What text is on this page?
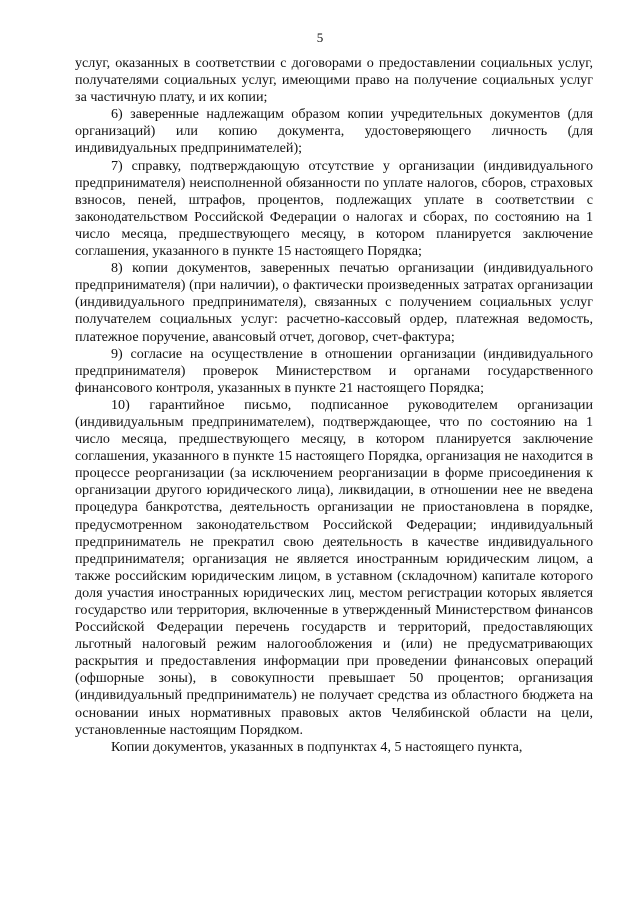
5

услуг, оказанных в соответствии с договорами о предоставлении социальных услуг, получателями социальных услуг, имеющими право на получение социальных услуг за частичную плату, и их копии;

6) заверенные надлежащим образом копии учредительных документов (для организаций) или копию документа, удостоверяющего личность (для индивидуальных предпринимателей);

7) справку, подтверждающую отсутствие у организации (индивидуального предпринимателя) неисполненной обязанности по уплате налогов, сборов, страховых взносов, пеней, штрафов, процентов, подлежащих уплате в соответствии с законодательством Российской Федерации о налогах и сборах, по состоянию на 1 число месяца, предшествующего месяцу, в котором планируется заключение соглашения, указанного в пункте 15 настоящего Порядка;

8) копии документов, заверенных печатью организации (индивидуального предпринимателя) (при наличии), о фактически произведенных затратах организации (индивидуального предпринимателя), связанных с получением социальных услуг получателем социальных услуг: расчетно-кассовый ордер, платежная ведомость, платежное поручение, авансовый отчет, договор, счет-фактура;

9) согласие на осуществление в отношении организации (индивидуального предпринимателя) проверок Министерством и органами государственного финансового контроля, указанных в пункте 21 настоящего Порядка;

10) гарантийное письмо, подписанное руководителем организации (индивидуальным предпринимателем), подтверждающее, что по состоянию на 1 число месяца, предшествующего месяцу, в котором планируется заключение соглашения, указанного в пункте 15 настоящего Порядка, организация не находится в процессе реорганизации (за исключением реорганизации в форме присоединения к организации другого юридического лица), ликвидации, в отношении нее не введена процедура банкротства, деятельность организации не приостановлена в порядке, предусмотренном законодательством Российской Федерации; индивидуальный предприниматель не прекратил свою деятельность в качестве индивидуального предпринимателя; организация не является иностранным юридическим лицом, а также российским юридическим лицом, в уставном (складочном) капитале которого доля участия иностранных юридических лиц, местом регистрации которых является государство или территория, включенные в утвержденный Министерством финансов Российской Федерации перечень государств и территорий, предоставляющих льготный налоговый режим налогообложения и (или) не предусматривающих раскрытия и предоставления информации при проведении финансовых операций (офшорные зоны), в совокупности превышает 50 процентов; организация (индивидуальный предприниматель) не получает средства из областного бюджета на основании иных нормативных правовых актов Челябинской области на цели, установленные настоящим Порядком.

Копии документов, указанных в подпунктах 4, 5 настоящего пункта,
